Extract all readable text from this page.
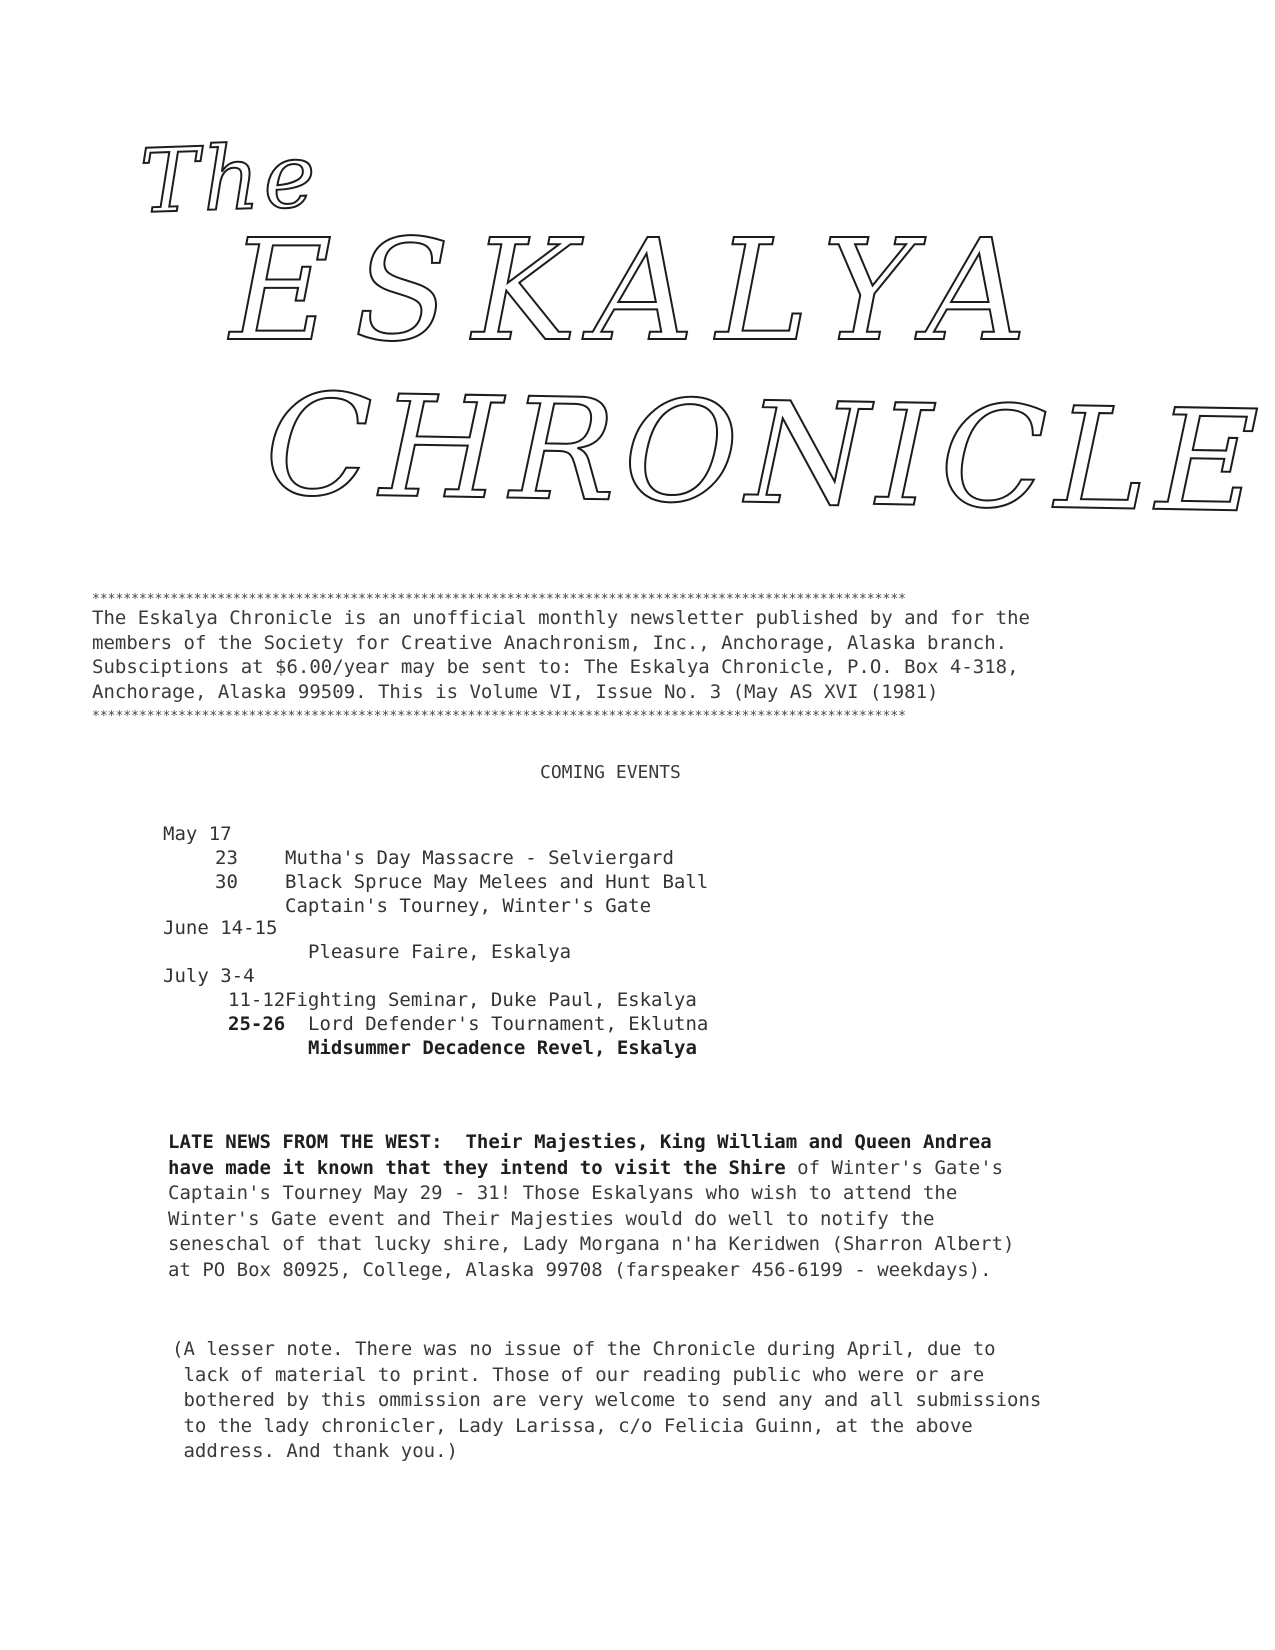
The
ESKALYA
CHRONICLE
********************************************************************************************************
The Eskalya Chronicle is an unofficial monthly newsletter published by and for the
members of the Society for Creative Anachronism, Inc., Anchorage, Alaska branch.
Subsciptions at $6.00/year may be sent to: The Eskalya Chronicle, P.O. Box 4-318,
Anchorage, Alaska 99509. This is Volume VI, Issue No. 3 (May AS XVI (1981)
********************************************************************************************************
COMING EVENTS

May 17

Mutha's Day Massacre - Selviergard

23

Black Spruce May Melees and Hunt Ball

30

Captain's Tourney, Winter's Gate

June 14-15

Pleasure Faire, Eskalya

July 3-4

Fighting Seminar, Duke Paul, Eskalya

11-12

Lord Defender's Tournament, Eklutna

25-26

Midsummer Decadence Revel, Eskalya

LATE NEWS FROM THE WEST: Their Majesties, King William and Queen Andrea
have made it known that they intend to visit the Shire of Winter's Gate's
Captain's Tourney May 29 - 31! Those Eskalyans who wish to attend the
Winter's Gate event and Their Majesties would do well to notify the
seneschal of that lucky shire, Lady Morgana n'ha Keridwen (Sharron Albert)
at PO Box 80925, College, Alaska 99708 (farspeaker 456-6199 - weekdays).
(A lesser note. There was no issue of the Chronicle during April, due to
lack of material to print. Those of our reading public who were or are
bothered by this ommission are very welcome to send any and all submissions
to the lady chronicler, Lady Larissa, c/o Felicia Guinn, at the above
address. And thank you.)
